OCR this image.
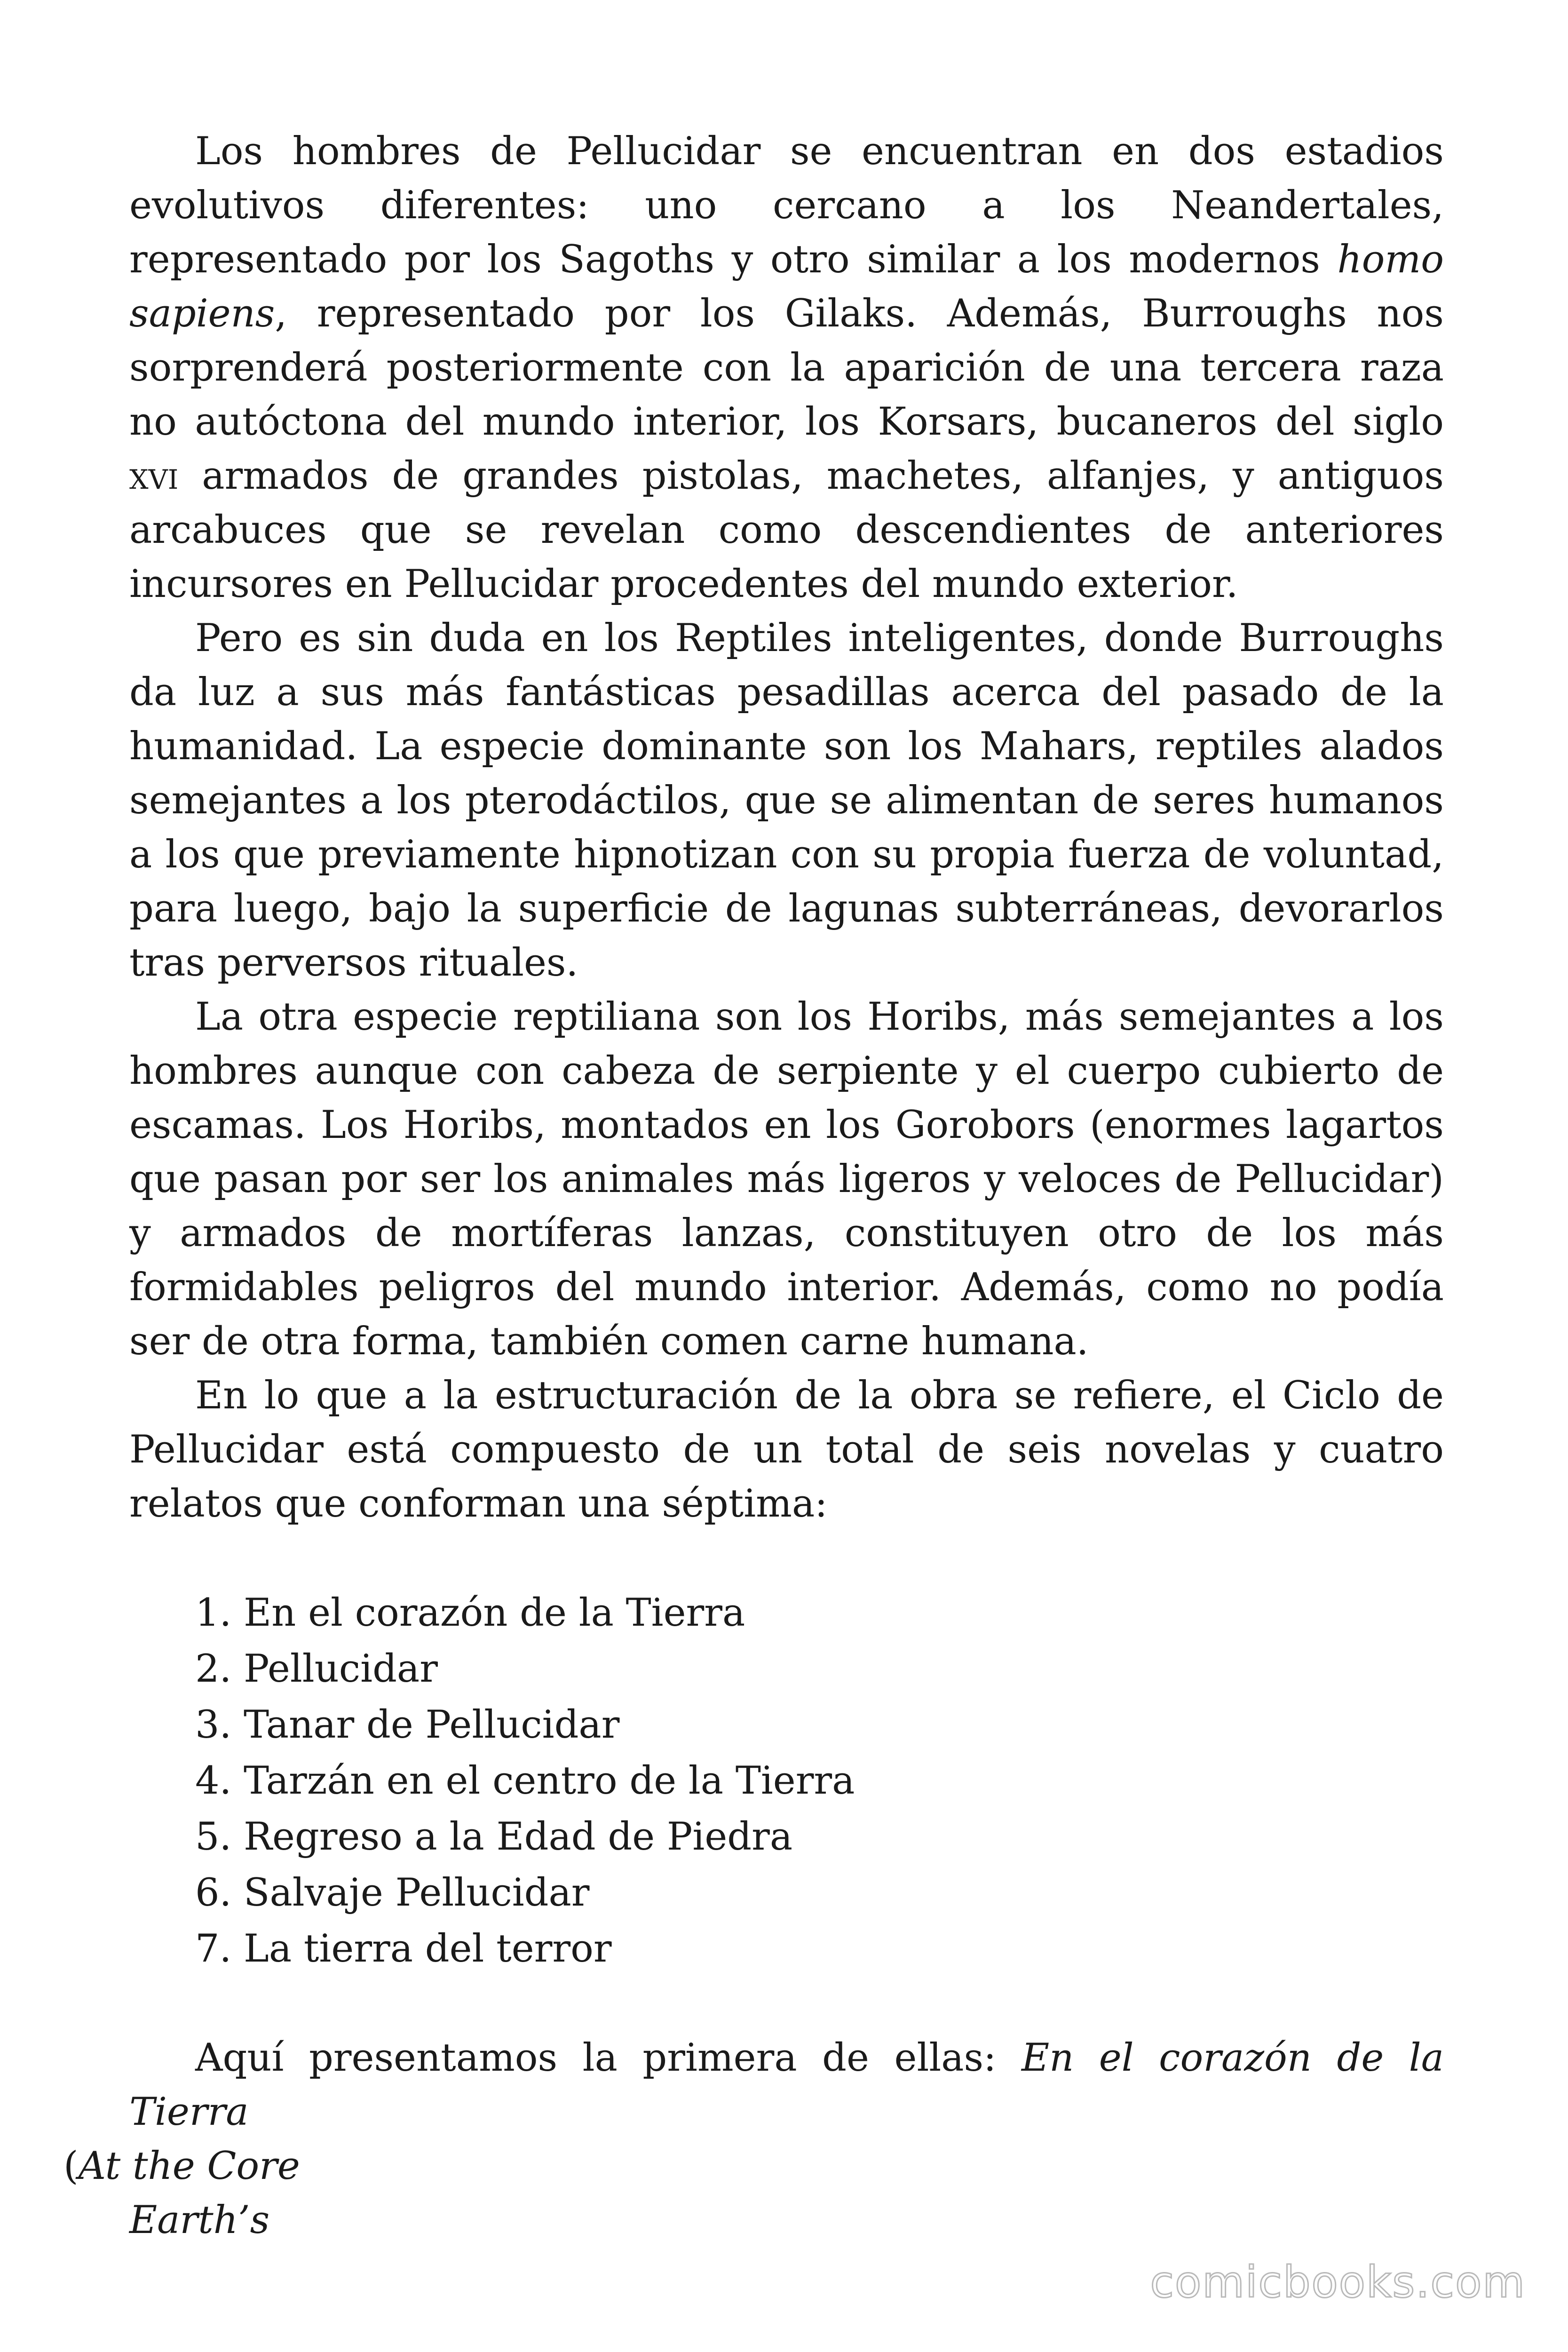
Los hombres de Pellucidar se encuentran en dos estadios evolutivos diferentes: uno cercano a los Neandertales, representado por los Sagoths y otro similar a los modernos homo sapiens, representado por los Gilaks. Además, Burroughs nos sorprenderá posteriormente con la aparición de una tercera raza no autóctona del mundo interior, los Korsars, bucaneros del siglo xvi armados de grandes pistolas, machetes, alfanjes, y antiguos arcabuces que se revelan como descendientes de anteriores incursores en Pellucidar procedentes del mundo exterior.

Pero es sin duda en los Reptiles inteligentes, donde Burroughs da luz a sus más fantásticas pesadillas acerca del pasado de la humanidad. La especie dominante son los Mahars, reptiles alados semejantes a los pterodáctilos, que se alimentan de seres humanos a los que previamente hipnotizan con su propia fuerza de voluntad, para luego, bajo la superficie de lagunas subterráneas, devorarlos tras perversos rituales.

La otra especie reptiliana son los Horibs, más semejantes a los hombres aunque con cabeza de serpiente y el cuerpo cubierto de escamas. Los Horibs, montados en los Gorobors (enormes lagartos que pasan por ser los animales más ligeros y veloces de Pellucidar) y armados de mortíferas lanzas, constituyen otro de los más formidables peligros del mundo interior. Además, como no podía ser de otra forma, también comen carne humana.

En lo que a la estructuración de la obra se refiere, el Ciclo de Pellucidar está compuesto de un total de seis novelas y cuatro relatos que conforman una séptima:

1. En el corazón de la Tierra
2. Pellucidar
3. Tanar de Pellucidar
4. Tarzán en el centro de la Tierra
5. Regreso a la Edad de Piedra
6. Salvaje Pellucidar
7. La tierra del terror

Aquí presentamos la primera de ellas: En el corazón de la Tierra
(At the Core

Earth’s

comicbooks.com
